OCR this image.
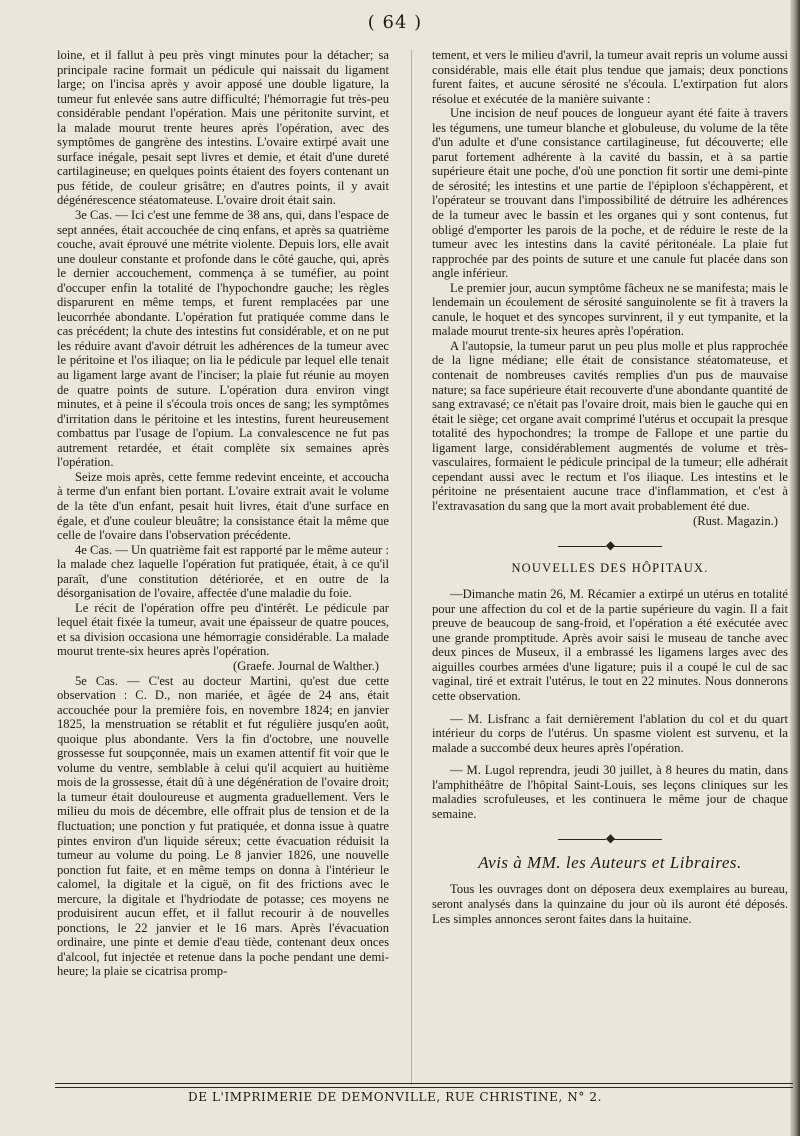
( 64 )

loine, et il fallut à peu près vingt minutes pour la détacher; sa principale racine formait un pédicule qui naissait du ligament large; on l'incisa après y avoir apposé une double ligature, la tumeur fut enlevée sans autre difficulté; l'hémorragie fut très-peu considérable pendant l'opération. Mais une péritonite survint, et la malade mourut trente heures après l'opération, avec des symptômes de gangrène des intestins. L'ovaire extirpé avait une surface inégale, pesait sept livres et demie, et était d'une dureté cartilagineuse; en quelques points étaient des foyers contenant un pus fétide, de couleur grisâtre; en d'autres points, il y avait dégénérescence stéatomateuse. L'ovaire droit était sain.

3e Cas. — Ici c'est une femme de 38 ans, qui, dans l'espace de sept années, était accouchée de cinq enfans, et après sa quatrième couche, avait éprouvé une métrite violente. Depuis lors, elle avait une douleur constante et profonde dans le côté gauche, qui, après le dernier accouchement, commença à se tuméfier, au point d'occuper enfin la totalité de l'hypochondre gauche; les règles disparurent en même temps, et furent remplacées par une leucorrhée abondante. L'opération fut pratiquée comme dans le cas précédent; la chute des intestins fut considérable, et on ne put les réduire avant d'avoir détruit les adhérences de la tumeur avec le péritoine et l'os iliaque; on lia le pédicule par lequel elle tenait au ligament large avant de l'inciser; la plaie fut réunie au moyen de quatre points de suture. L'opération dura environ vingt minutes, et à peine il s'écoula trois onces de sang; les symptômes d'irritation dans le péritoine et les intestins, furent heureusement combattus par l'usage de l'opium. La convalescence ne fut pas autrement retardée, et était complète six semaines après l'opération.

Seize mois après, cette femme redevint enceinte, et accoucha à terme d'un enfant bien portant. L'ovaire extrait avait le volume de la tête d'un enfant, pesait huit livres, était d'une surface en égale, et d'une couleur bleuâtre; la consistance était la même que celle de l'ovaire dans l'observation précédente.

4e Cas. — Un quatrième fait est rapporté par le même auteur : la malade chez laquelle l'opération fut pratiquée, était, à ce qu'il paraît, d'une constitution détériorée, et en outre de la désorganisation de l'ovaire, affectée d'une maladie du foie.

Le récit de l'opération offre peu d'intérêt. Le pédicule par lequel était fixée la tumeur, avait une épaisseur de quatre pouces, et sa division occasiona une hémorragie considérable. La malade mourut trente-six heures après l'opération.

(Graefe. Journal de Walther.)

5e Cas. — C'est au docteur Martini, qu'est due cette observation : C. D., non mariée, et âgée de 24 ans, était accouchée pour la première fois, en novembre 1824; en janvier 1825, la menstruation se rétablit et fut régulière jusqu'en août, quoique plus abondante. Vers la fin d'octobre, une nouvelle grossesse fut soupçonnée, mais un examen attentif fit voir que le volume du ventre, semblable à celui qu'il acquiert au huitième mois de la grossesse, était dû à une dégénération de l'ovaire droit; la tumeur était douloureuse et augmenta graduellement. Vers le milieu du mois de décembre, elle offrait plus de tension et de la fluctuation; une ponction y fut pratiquée, et donna issue à quatre pintes environ d'un liquide séreux; cette évacuation réduisit la tumeur au volume du poing. Le 8 janvier 1826, une nouvelle ponction fut faite, et en même temps on donna à l'intérieur le calomel, la digitale et la ciguë, on fit des frictions avec le mercure, la digitale et l'hydriodate de potasse; ces moyens ne produisirent aucun effet, et il fallut recourir à de nouvelles ponctions, le 22 janvier et le 16 mars. Après l'évacuation ordinaire, une pinte et demie d'eau tiède, contenant deux onces d'alcool, fut injectée et retenue dans la poche pendant une demi-heure; la plaie se cicatrisa promp-

tement, et vers le milieu d'avril, la tumeur avait repris un volume aussi considérable, mais elle était plus tendue que jamais; deux ponctions furent faites, et aucune sérosité ne s'écoula. L'extirpation fut alors résolue et exécutée de la manière suivante :

Une incision de neuf pouces de longueur ayant été faite à travers les tégumens, une tumeur blanche et globuleuse, du volume de la tête d'un adulte et d'une consistance cartilagineuse, fut découverte; elle parut fortement adhérente à la cavité du bassin, et à sa partie supérieure était une poche, d'où une ponction fit sortir une demi-pinte de sérosité; les intestins et une partie de l'épiploon s'échappèrent, et l'opérateur se trouvant dans l'impossibilité de détruire les adhérences de la tumeur avec le bassin et les organes qui y sont contenus, fut obligé d'emporter les parois de la poche, et de réduire le reste de la tumeur avec les intestins dans la cavité péritonéale. La plaie fut rapprochée par des points de suture et une canule fut placée dans son angle inférieur.

Le premier jour, aucun symptôme fâcheux ne se manifesta; mais le lendemain un écoulement de sérosité sanguinolente se fit à travers la canule, le hoquet et des syncopes survinrent, il y eut tympanite, et la malade mourut trente-six heures après l'opération.

A l'autopsie, la tumeur parut un peu plus molle et plus rapprochée de la ligne médiane; elle était de consistance stéatomateuse, et contenait de nombreuses cavités remplies d'un pus de mauvaise nature; sa face supérieure était recouverte d'une abondante quantité de sang extravasé; ce n'était pas l'ovaire droit, mais bien le gauche qui en était le siège; cet organe avait comprimé l'utérus et occupait la presque totalité des hypochondres; la trompe de Fallope et une partie du ligament large, considérablement augmentés de volume et très-vasculaires, formaient le pédicule principal de la tumeur; elle adhérait cependant aussi avec le rectum et l'os iliaque. Les intestins et le péritoine ne présentaient aucune trace d'inflammation, et c'est à l'extravasation du sang que la mort avait probablement été due.

(Rust. Magazin.)

◆
NOUVELLES DES HÔPITAUX.

—Dimanche matin 26, M. Récamier a extirpé un utérus en totalité pour une affection du col et de la partie supérieure du vagin. Il a fait preuve de beaucoup de sang-froid, et l'opération a été exécutée avec une grande promptitude. Après avoir saisi le museau de tanche avec deux pinces de Museux, il a embrassé les ligamens larges avec des aiguilles courbes armées d'une ligature; puis il a coupé le cul de sac vaginal, tiré et extrait l'utérus, le tout en 22 minutes. Nous donnerons cette observation.

— M. Lisfranc a fait dernièrement l'ablation du col et du quart intérieur du corps de l'utérus. Un spasme violent est survenu, et la malade a succombé deux heures après l'opération.

— M. Lugol reprendra, jeudi 30 juillet, à 8 heures du matin, dans l'amphithéâtre de l'hôpital Saint-Louis, ses leçons cliniques sur les maladies scrofuleuses, et les continuera le même jour de chaque semaine.

◆
Avis à MM. les Auteurs et Libraires.

Tous les ouvrages dont on déposera deux exemplaires au bureau, seront analysés dans la quinzaine du jour où ils auront été déposés. Les simples annonces seront faites dans la huitaine.

DE L'IMPRIMERIE DE DEMONVILLE, RUE CHRISTINE, N° 2.
